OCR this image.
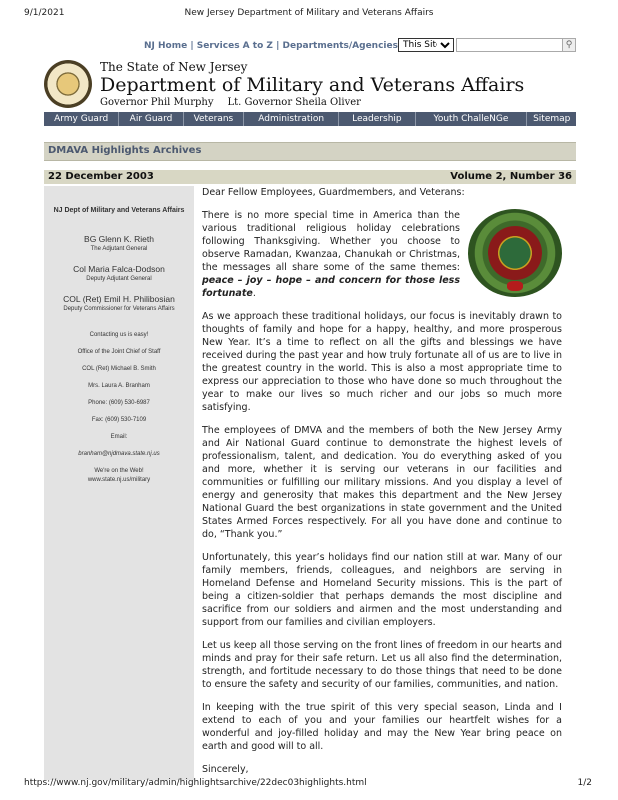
9/1/2021	New Jersey Department of Military and Veterans Affairs
NJ Home | Services A to Z | Departments/Agencies
This Site	⚲
The State of New Jersey
Department of Military and Veterans Affairs
Governor Phil Murphy Lt. Governor Sheila Oliver
Army Guard	Air Guard	Veterans	Administration	Leadership	Youth ChalleNGe	Sitemap
DMAVA Highlights Archives
22 December 2003	Volume 2, Number 36

NJ Dept of Military and Veterans Affairs

BG Glenn K. Rieth

The Adjutant General

Col Maria Falca-Dodson

Deputy Adjutant General

COL (Ret) Emil H. Philibosian

Deputy Commissioner for Veterans Affairs

Contacting us is easy!

Office of the Joint Chief of Staff

COL (Ret) Michael B. Smith

Mrs. Laura A. Branham

Phone: (609) 530-6987

Fax: (609) 530-7109

Email:

branham@njdmava.state.nj.us

We're on the Web!

www.state.nj.us/military

Dear Fellow Employees, Guardmembers, and Veterans:

There is no more special time in America than the various traditional religious holiday celebrations following Thanksgiving. Whether you choose to observe Ramadan, Kwanzaa, Chanukah or Christmas, the messages all share some of the same themes: peace – joy – hope – and concern for those less fortunate.

As we approach these traditional holidays, our focus is inevitably drawn to thoughts of family and hope for a happy, healthy, and more prosperous New Year. It’s a time to reflect on all the gifts and blessings we have received during the past year and how truly fortunate all of us are to live in the greatest country in the world. This is also a most appropriate time to express our appreciation to those who have done so much throughout the year to make our lives so much richer and our jobs so much more satisfying.

The employees of DMVA and the members of both the New Jersey Army and Air National Guard continue to demonstrate the highest levels of professionalism, talent, and dedication. You do everything asked of you and more, whether it is serving our veterans in our facilities and communities or fulfilling our military missions. And you display a level of energy and generosity that makes this department and the New Jersey National Guard the best organizations in state government and the United States Armed Forces respectively. For all you have done and continue to do, “Thank you.”

Unfortunately, this year’s holidays find our nation still at war. Many of our family members, friends, colleagues, and neighbors are serving in Homeland Defense and Homeland Security missions. This is the part of being a citizen-soldier that perhaps demands the most discipline and sacrifice from our soldiers and airmen and the most understanding and support from our families and civilian employers.

Let us keep all those serving on the front lines of freedom in our hearts and minds and pray for their safe return. Let us all also find the determination, strength, and fortitude necessary to do those things that need to be done to ensure the safety and security of our families, communities, and nation.

In keeping with the true spirit of this very special season, Linda and I extend to each of you and your families our heartfelt wishes for a wonderful and joy-filled holiday and may the New Year bring peace on earth and good will to all.

Sincerely,

https://www.nj.gov/military/admin/highlightsarchive/22dec03highlights.html	1/2
